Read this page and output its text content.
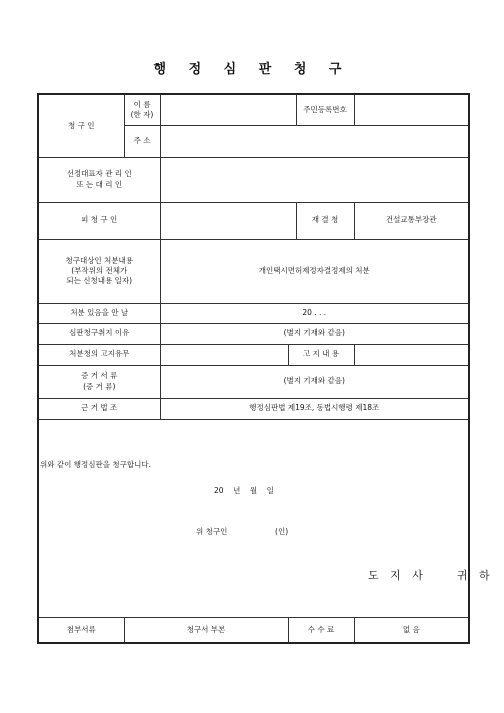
행 정 심 판 청 구
청 구 인	이 름
(한 자)			주민등록번호	
	주 소				
선정대표자 관 리 인
또 는 대 리 인					
피 청 구 인				재 결 청	건설교통부장관
청구대상인 처분내용
(부작위의 전체가
되는 신청내용 일자)		개인택시면허제정자결정제의 처분			
처분 있음을 안 날		20 . . .			
심판청구취지 이유		(별지 기재와 같음)			
처분청의 고지유무			고 지 내 용		
증 거 서 류
(증 거 류)		(별지 기재와 같음)			
근 거 법 조		행정심판법 제19조, 동법시행령 제18조			

첨부서류	청구서 부본		수 수 료		없 음
위와 같이 행정심판을 청구합니다.
20    년    월    일
위 청구인                    (인)
도 지 사    귀 하
